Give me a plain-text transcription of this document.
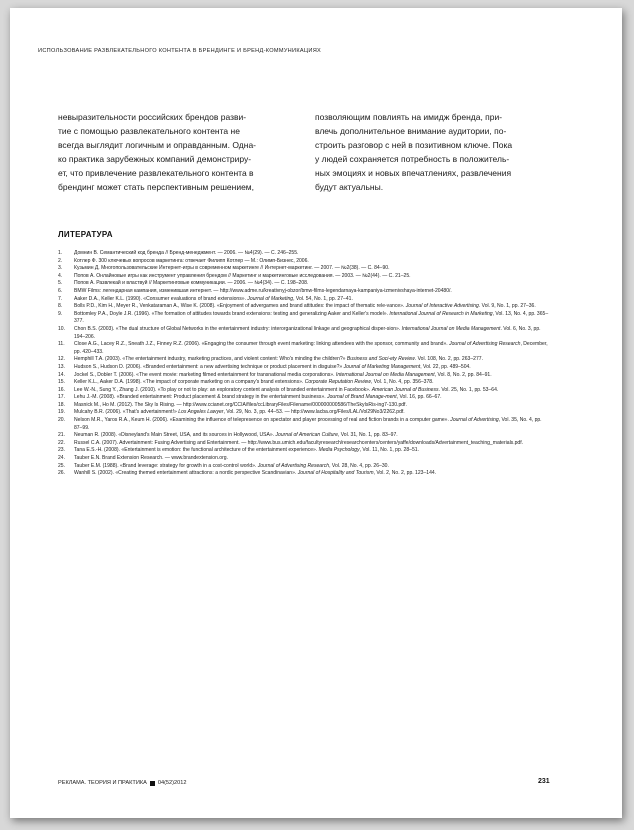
ИСПОЛЬЗОВАНИЕ РАЗВЛЕКАТЕЛЬНОГО КОНТЕНТА В БРЕНДИНГЕ И БРЕНД-КОММУНИКАЦИЯХ
невыразительности российских брендов разви-
тие с помощью развлекательного контента не
всегда выглядит логичным и оправданным. Одна-
ко практика зарубежных компаний демонстриру-
ет, что привлечение развлекательного контента в
брендинг может стать перспективным решением,
позволяющим повлиять на имидж бренда, при-
влечь дополнительное внимание аудитории, по-
строить разговор с ней в позитивном ключе. Пока
у людей сохраняется потребность в положитель-
ных эмоциях и новых впечатлениях, развлечения
будут актуальны.
ЛИТЕРАТУРА
1.	Домнин В. Семантический код бренда // Бренд-менеджмент. — 2006. — №4(29). — С. 246–255.
2.	Котлер Ф. 300 ключевых вопросов маркетинга: отвечает Филипп Котлер — М.: Олимп-Бизнес, 2006.
3.	Кузьмин Д. Многопользовательские Интернет-игры в современном маркетинге // Интернет-маркетинг. — 2007. — №2(38). — С. 84–90.
4.	Попов А. Онлайновые игры как инструмент управления брендом // Маркетинг и маркетинговые исследования. — 2003. — №2(44). — С. 21–25.
5.	Попов А. Развлекай и властвуй // Маркетинговые коммуникации. — 2006. — №4(34). — С. 198–208.
6.	BMW Films: легендарная кампания, изменившая интернет. — http://www.adme.ru/kreativnyj-obzor/bmw-films-legendarnaya-kampaniya-izmenivshaya-internet-20480/.
7.	Aaker D.A., Keller K.L. (1990). «Consumer evaluations of brand extensions». Journal of Marketing, Vol. 54, No. 1, pp. 27–41.
8.	Bolls P.D., Kim H., Meyer R., Venkataraman A., Wise K. (2008). «Enjoyment of advergames and brand attitudes: the impact of thematic rele-vance». Journal of Interactive Advertising. Vol. 9, No. 1, pp. 27–36.
9.	Bottomley P.A., Doyle J.R. (1996). «The formation of attitudes towards brand extensions: testing and generalizing Aaker and Keller's model». International Journal of Research in Marketing, Vol. 13, No. 4, pp. 365–377.
10.	Chon B.S. (2003). «The dual structure of Global Networks in the entertainment industry: interorganizational linkage and geographical disper-sion». International Journal on Media Management. Vol. 6, No. 3, pp. 194–206.
11.	Close A.G., Lacey R.Z., Sneath J.Z., Finney R.Z. (2006). «Engaging the consumer through event marketing: linking attendees with the sponsor, community and brand». Journal of Advertising Research, December, pp. 420–433.
12.	Hemphill T.A. (2003). «The entertainment industry, marketing practices, and violent content: Who's minding the children?» Business and Soci-ety Review. Vol. 108, No. 2, pp. 263–277.
13.	Hudson S., Hudson D. (2006). «Branded entertainment: a new advertising technique or product placement in disguise?» Journal of Marketing Management, Vol. 22, pp. 489–504.
14.	Jockel S., Dobler T. (2006). «The event movie: marketing filmed entertainment for transnational media corporations». International Journal on Media Management, Vol. 8, No. 2, pp. 84–91.
15.	Keller K.L., Aaker D.A. (1998). «The impact of corporate marketing on a company's brand extensions». Corporate Reputation Review, Vol. 1, No. 4, pp. 356–378.
16.	Lee W.-N., Sung Y., Zhang J. (2010). «To play or not to play: an exploratory content analysis of branded entertainment in Facebook». American Journal of Business. Vol. 25, No. 1, pp. 53–64.
17.	Lehu J.-M. (2008). «Branded entertainment: Product placement & brand strategy in the entertainment business». Journal of Brand Manage-ment, Vol. 16, pp. 66–67.
18.	Masnick M., Ho M. (2012). The Sky Is Rising. — http://www.ccianet.org/CCIA/files/ccLibraryFiles/Filename/000000000586/TheSkyIsRis-ing7-130.pdf.
19.	Mulcahy B.R. (2006). «That's advertainment!» Los Angeles Lawyer, Vol. 29, No. 3, pp. 44–53. — http://www.lacba.org/Files/LAL/Vol29No3/2262.pdf.
20.	Nelson M.R., Yaros R.A., Keum H. (2006). «Examining the influence of telepresence on spectator and player processing of real and fiction brands in a computer game». Journal of Advertising, Vol. 35, No. 4, pp. 87–99.
21.	Neuman R. (2008). «Disneyland's Main Street, USA, and its sources in Hollywood, USA». Journal of American Culture, Vol. 31, No. 1, pp. 83–97.
22.	Russel C.A. (2007). Advertainment: Fusing Advertising and Entertainment. — http://www.bus.umich.edu/facultyresearch/researchcenters/centers/yaffe/downloads/Advertainment_teaching_materials.pdf.
23.	Tana E.S.-H. (2008). «Entertainment is emotion: the functional architecture of the entertainment experience». Media Psychology, Vol. 11, No. 1, pp. 28–51.
24.	Tauber E.N. Brand Extension Research. — www.brandextension.org.
25.	Tauber E.M. (1988). «Brand leverage: strategy for growth in a cost-control world». Journal of Advertising Research, Vol. 28, No. 4, pp. 26–30.
26.	Wanhill S. (2002). «Creating themed entertainment attractions: a nordic perspective Scandinavian». Journal of Hospitality and Tourism, Vol. 2, No. 2, pp. 123–144.
РЕКЛАМА. ТЕОРИЯ И ПРАКТИКА 04(52)2012	231
